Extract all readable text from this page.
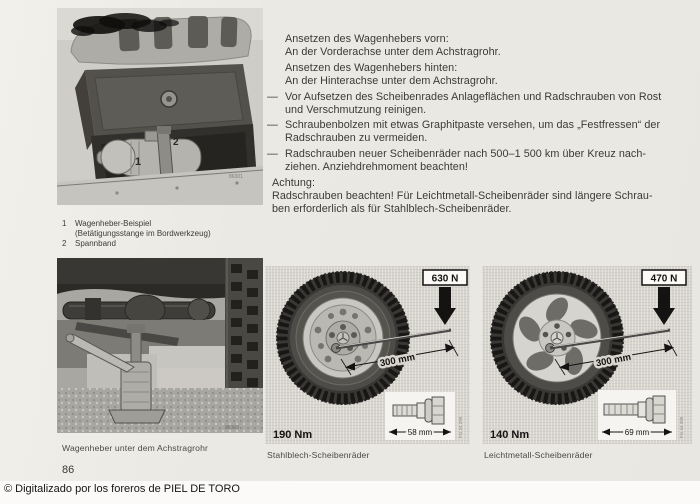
1
2
86301
1	Wagenheber-Beispiel
(Betätigungsstange im Bordwerkzeug)
2	Spannband
86309
Wagenheber unter dem Achstragrohr
Ansetzen des Wagenhebers vorn:
An der Vorderachse unter dem Achstragrohr.
Ansetzen des Wagenhebers hinten:
An der Hinterachse unter dem Achstragrohr.
— Vor Aufsetzen des Scheibenrades Anlageflächen und Radschrauben von Rost
und Verschmutzung reinigen.
— Schraubenbolzen mit etwas Graphitpaste versehen, um das „Festfressen“ der
Radschrauben zu vermeiden.
— Radschrauben neuer Scheibenräder nach 500–1 500 km über Kreuz nach-
ziehen. Anziehdrehmoment beachten!
Achtung:
Radschrauben beachten! Für Leichtmetall-Scheibenräder sind längere Schrau-
ben erforderlich als für Stahlblech-Scheibenräder.
630 N
300 mm
190 Nm	58 mm	FG 24 299
Stahlblech-Scheibenräder
470 N
300 mm
140 Nm	69 mm	FG 24 280
Leichtmetall-Scheibenräder
86
© Digitalizado por los foreros de PIEL DE TORO
